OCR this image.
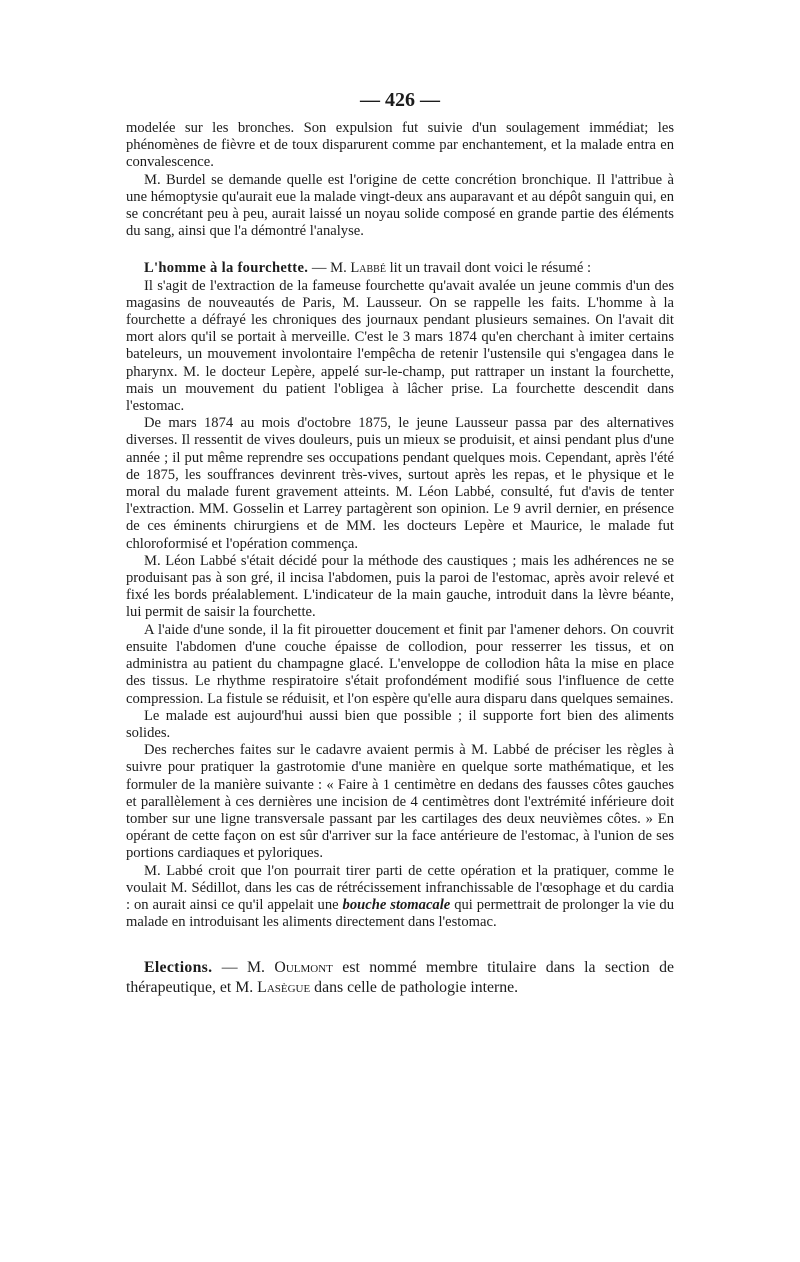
— 426 —

modelée sur les bronches. Son expulsion fut suivie d'un soulagement immédiat; les phénomènes de fièvre et de toux disparurent comme par enchantement, et la malade entra en convalescence.

M. Burdel se demande quelle est l'origine de cette concrétion bronchique. Il l'attribue à une hémoptysie qu'aurait eue la malade vingt-deux ans auparavant et au dépôt sanguin qui, en se concrétant peu à peu, aurait laissé un noyau solide composé en grande partie des éléments du sang, ainsi que l'a démontré l'analyse.

L'homme à la fourchette. — M. Labbé lit un travail dont voici le résumé :

Il s'agit de l'extraction de la fameuse fourchette qu'avait avalée un jeune commis d'un des magasins de nouveautés de Paris, M. Lausseur. On se rappelle les faits. L'homme à la fourchette a défrayé les chroniques des journaux pendant plusieurs semaines. On l'avait dit mort alors qu'il se portait à merveille. C'est le 3 mars 1874 qu'en cherchant à imiter certains bateleurs, un mouvement involontaire l'empêcha de retenir l'ustensile qui s'engagea dans le pharynx. M. le docteur Lepère, appelé sur-le-champ, put rattraper un instant la fourchette, mais un mouvement du patient l'obligea à lâcher prise. La fourchette descendit dans l'estomac.

De mars 1874 au mois d'octobre 1875, le jeune Lausseur passa par des alternatives diverses. Il ressentit de vives douleurs, puis un mieux se produisit, et ainsi pendant plus d'une année ; il put même reprendre ses occupations pendant quelques mois. Cependant, après l'été de 1875, les souffrances devinrent très-vives, surtout après les repas, et le physique et le moral du malade furent gravement atteints. M. Léon Labbé, consulté, fut d'avis de tenter l'extraction. MM. Gosselin et Larrey partagèrent son opinion. Le 9 avril dernier, en présence de ces éminents chirurgiens et de MM. les docteurs Lepère et Maurice, le malade fut chloroformisé et l'opération commença.

M. Léon Labbé s'était décidé pour la méthode des caustiques ; mais les adhérences ne se produisant pas à son gré, il incisa l'abdomen, puis la paroi de l'estomac, après avoir relevé et fixé les bords préalablement. L'indicateur de la main gauche, introduit dans la lèvre béante, lui permit de saisir la fourchette.

A l'aide d'une sonde, il la fit pirouetter doucement et finit par l'amener dehors. On couvrit ensuite l'abdomen d'une couche épaisse de collodion, pour resserrer les tissus, et on administra au patient du champagne glacé. L'enveloppe de collodion hâta la mise en place des tissus. Le rhythme respiratoire s'était profondément modifié sous l'influence de cette compression. La fistule se réduisit, et l'on espère qu'elle aura disparu dans quelques semaines.

Le malade est aujourd'hui aussi bien que possible ; il supporte fort bien des aliments solides.

Des recherches faites sur le cadavre avaient permis à M. Labbé de préciser les règles à suivre pour pratiquer la gastrotomie d'une manière en quelque sorte mathématique, et les formuler de la manière suivante : « Faire à 1 centimètre en dedans des fausses côtes gauches et parallèlement à ces dernières une incision de 4 centimètres dont l'extrémité inférieure doit tomber sur une ligne transversale passant par les cartilages des deux neuvièmes côtes. » En opérant de cette façon on est sûr d'arriver sur la face antérieure de l'estomac, à l'union de ses portions cardiaques et pyloriques.

M. Labbé croit que l'on pourrait tirer parti de cette opération et la pratiquer, comme le voulait M. Sédillot, dans les cas de rétrécissement infranchissable de l'œsophage et du cardia : on aurait ainsi ce qu'il appelait une bouche stomacale qui permettrait de prolonger la vie du malade en introduisant les aliments directement dans l'estomac.

Elections. — M. Oulmont est nommé membre titulaire dans la section de thérapeutique, et M. Lasègue dans celle de pathologie interne.
